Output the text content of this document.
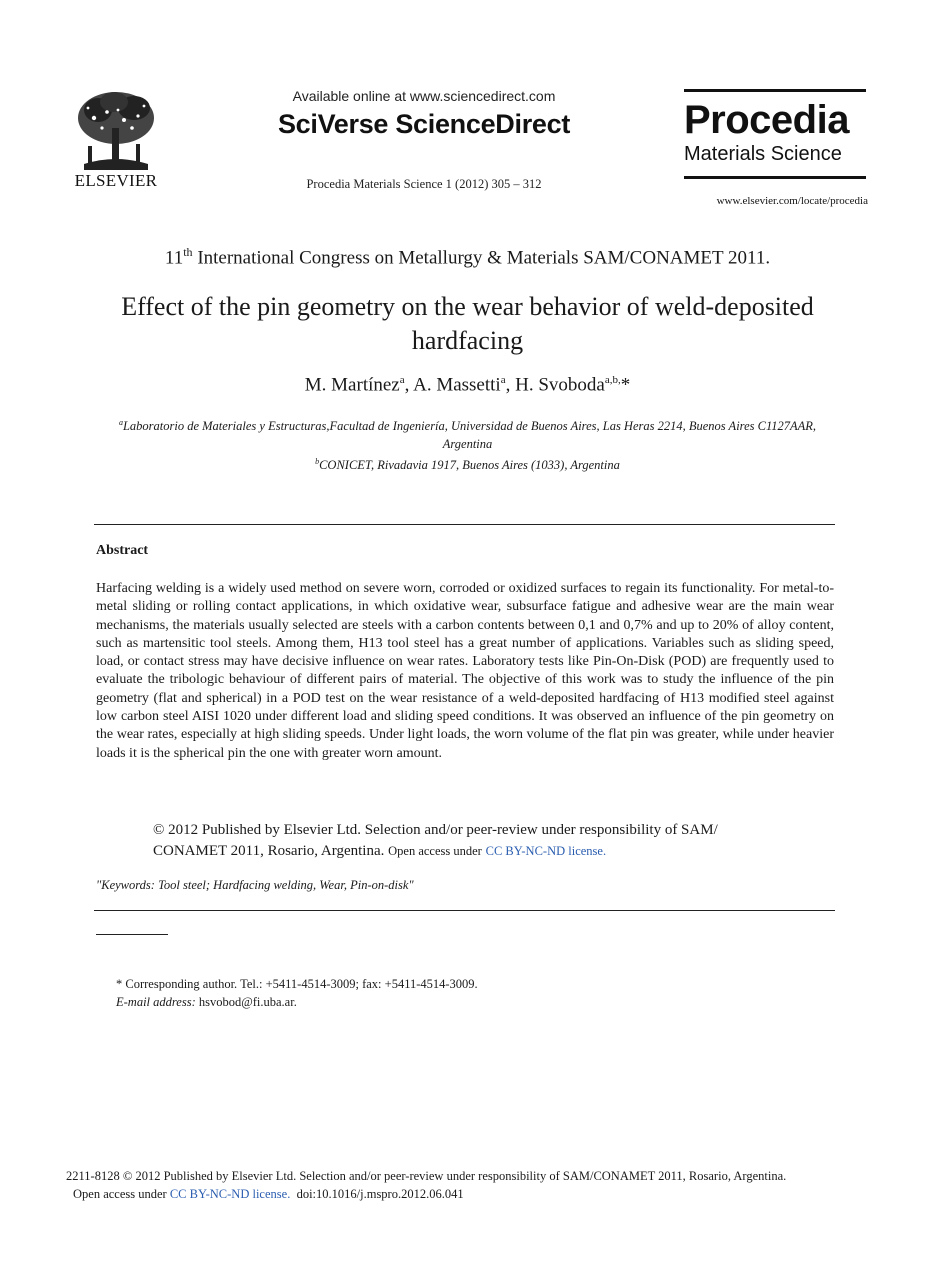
ELSEVIER
Available online at www.sciencedirect.com
SciVerse ScienceDirect
Procedia Materials Science 1 (2012) 305 – 312
Procedia
Materials Science
www.elsevier.com/locate/procedia
11th International Congress on Metallurgy & Materials SAM/CONAMET 2011.
Effect of the pin geometry on the wear behavior of weld-deposited hardfacing
M. Martínez$^a$, A. Massetti$^a$, H. Svoboda$^{a,b,}$*
$^a$Laboratorio de Materiales y Estructuras,Facultad de Ingeniería, Universidad de Buenos Aires, Las Heras 2214, Buenos Aires C1127AAR, Argentina
$^b$CONICET, Rivadavia 1917, Buenos Aires (1033), Argentina
Abstract
Harfacing welding is a widely used method on severe worn, corroded or oxidized surfaces to regain its functionality. For metal-to-metal sliding or rolling contact applications, in which oxidative wear, subsurface fatigue and adhesive wear are the main wear mechanisms, the materials usually selected are steels with a carbon contents between 0,1 and 0,7% and up to 20% of alloy content, such as martensitic tool steels. Among them, H13 tool steel has a great number of applications. Variables such as sliding speed, load, or contact stress may have decisive influence on wear rates. Laboratory tests like Pin-On-Disk (POD) are frequently used to evaluate the tribologic behaviour of different pairs of material. The objective of this work was to study the influence of the pin geometry (flat and spherical) in a POD test on the wear resistance of a weld-deposited hardfacing of H13 modified steel against low carbon steel AISI 1020 under different load and sliding speed conditions. It was observed an influence of the pin geometry on the wear rates, especially at high sliding speeds. Under light loads, the worn volume of the flat pin was greater, while under heavier loads it is the spherical pin the one with greater worn amount.
© 2012 Published by Elsevier Ltd. Selection and/or peer-review under responsibility of SAM/ CONAMET 2011, Rosario, Argentina. Open access under CC BY-NC-ND license.
"Keywords: Tool steel; Hardfacing welding, Wear, Pin-on-disk"
* Corresponding author. Tel.: +5411-4514-3009; fax: +5411-4514-3009.
E-mail address: hsvobod@fi.uba.ar.
2211-8128 © 2012 Published by Elsevier Ltd. Selection and/or peer-review under responsibility of SAM/CONAMET 2011, Rosario, Argentina.
Open access under CC BY-NC-ND license. doi:10.1016/j.mspro.2012.06.041
